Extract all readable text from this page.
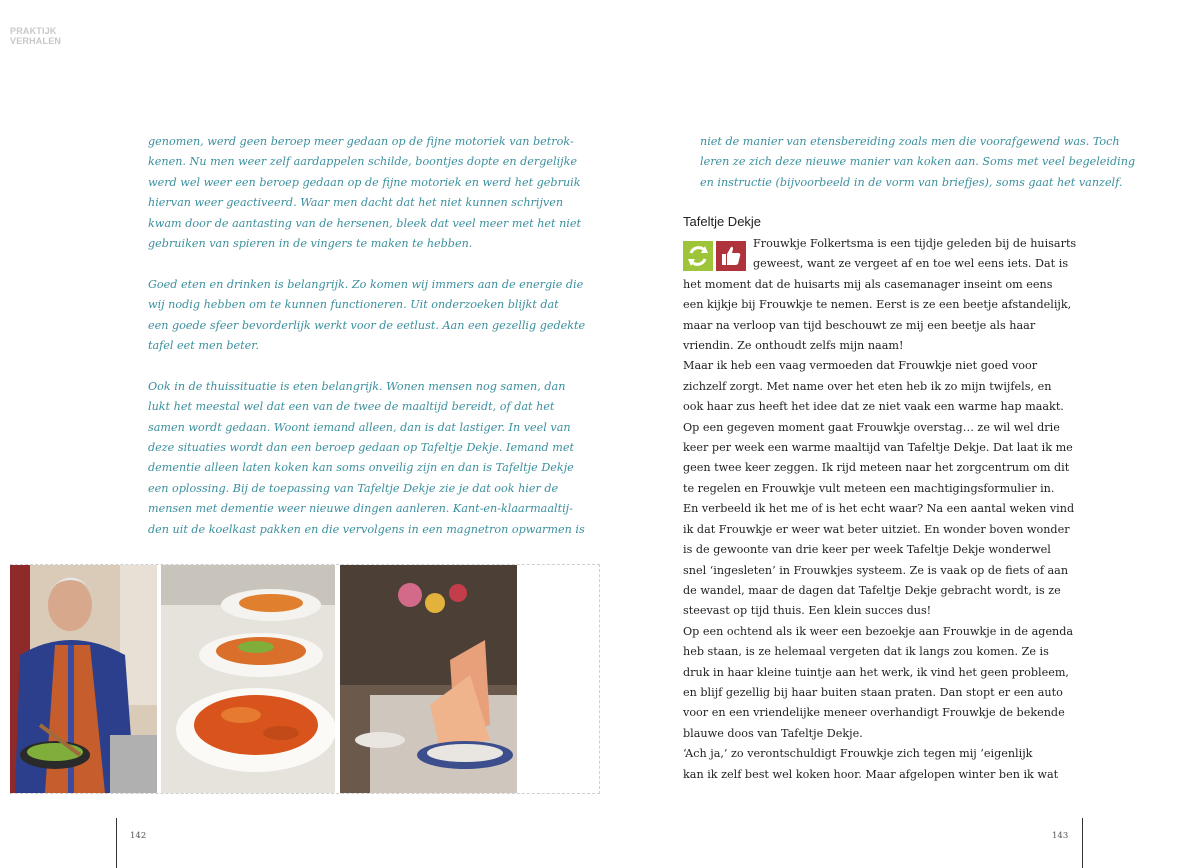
PRAKTIJK
VERHALEN

genomen, werd geen beroep meer gedaan op de fijne motoriek van betrok-
kenen. Nu men weer zelf aardappelen schilde, boontjes dopte en dergelijke
werd wel weer een beroep gedaan op de fijne motoriek en werd het gebruik
hiervan weer geactiveerd. Waar men dacht dat het niet kunnen schrijven
kwam door de aantasting van de hersenen, bleek dat veel meer met het niet
gebruiken van spieren in de vingers te maken te hebben.

Goed eten en drinken is belangrijk. Zo komen wij immers aan de energie die
wij nodig hebben om te kunnen functioneren. Uit onderzoeken blijkt dat
een goede sfeer bevorderlijk werkt voor de eetlust. Aan een gezellig gedekte
tafel eet men beter.

Ook in de thuissituatie is eten belangrijk. Wonen mensen nog samen, dan
lukt het meestal wel dat een van de twee de maaltijd bereidt, of dat het
samen wordt gedaan. Woont iemand alleen, dan is dat lastiger. In veel van
deze situaties wordt dan een beroep gedaan op Tafeltje Dekje. Iemand met
dementie alleen laten koken kan soms onveilig zijn en dan is Tafeltje Dekje
een oplossing. Bij de toepassing van Tafeltje Dekje zie je dat ook hier de
mensen met dementie weer nieuwe dingen aanleren. Kant-en-klaarmaaltij-
den uit de koelkast pakken en die vervolgens in een magnetron opwarmen is

niet de manier van etensbereiding zoals men die voorafgewend was. Toch
leren ze zich deze nieuwe manier van koken aan. Soms met veel begeleiding
en instructie (bijvoorbeeld in de vorm van briefjes), soms gaat het vanzelf.
Tafeltje Dekje
Frouwkje Folkertsma is een tijdje geleden bij de huisarts
geweest, want ze vergeet af en toe wel eens iets. Dat is
het moment dat de huisarts mij als casemanager inseint om eens
een kijkje bij Frouwkje te nemen. Eerst is ze een beetje afstandelijk,
maar na verloop van tijd beschouwt ze mij een beetje als haar
vriendin. Ze onthoudt zelfs mijn naam!
Maar ik heb een vaag vermoeden dat Frouwkje niet goed voor
zichzelf zorgt. Met name over het eten heb ik zo mijn twijfels, en
ook haar zus heeft het idee dat ze niet vaak een warme hap maakt.
Op een gegeven moment gaat Frouwkje overstag… ze wil wel drie
keer per week een warme maaltijd van Tafeltje Dekje. Dat laat ik me
geen twee keer zeggen. Ik rijd meteen naar het zorgcentrum om dit
te regelen en Frouwkje vult meteen een machtigingsformulier in.
En verbeeld ik het me of is het echt waar? Na een aantal weken vind
ik dat Frouwkje er weer wat beter uitziet. En wonder boven wonder
is de gewoonte van drie keer per week Tafeltje Dekje wonderwel
snel ‘ingesleten’ in Frouwkjes systeem. Ze is vaak op de fiets of aan
de wandel, maar de dagen dat Tafeltje Dekje gebracht wordt, is ze
steevast op tijd thuis. Een klein succes dus!
Op een ochtend als ik weer een bezoekje aan Frouwkje in de agenda
heb staan, is ze helemaal vergeten dat ik langs zou komen. Ze is
druk in haar kleine tuintje aan het werk, ik vind het geen probleem,
en blijf gezellig bij haar buiten staan praten. Dan stopt er een auto
voor en een vriendelijke meneer overhandigt Frouwkje de bekende
blauwe doos van Tafeltje Dekje.
‘Ach ja,’ zo verontschuldigt Frouwkje zich tegen mij ‘eigenlijk
kan ik zelf best wel koken hoor. Maar afgelopen winter ben ik wat
142	143
